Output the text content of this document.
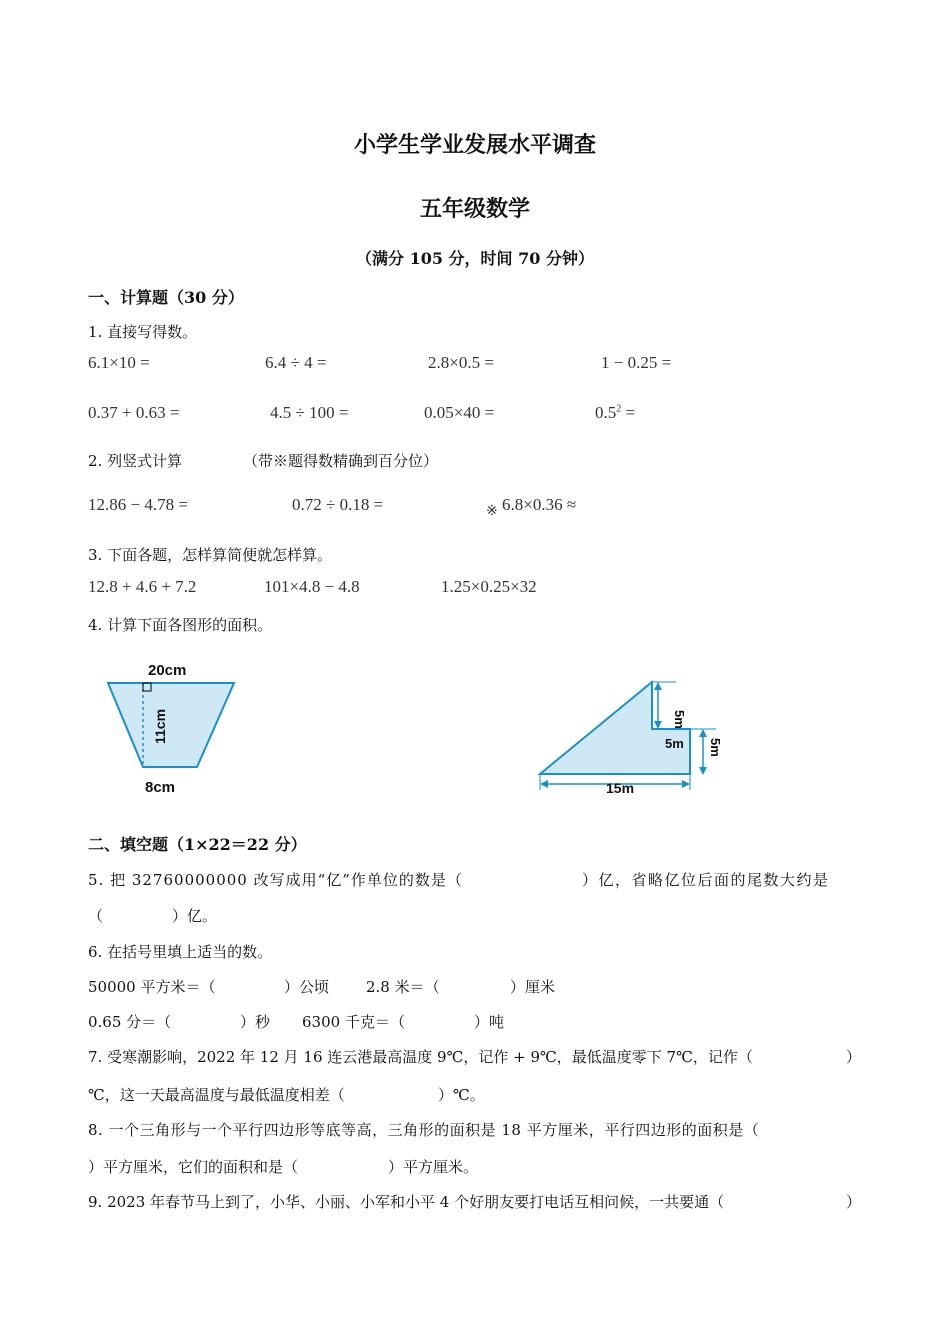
小学生学业发展水平调查
五年级数学
（满分 105 分，时间 70 分钟）
一、计算题（30 分）
1. 直接写得数。
6.1×10 =	6.4 ÷ 4 =	2.8×0.5 =	1 − 0.25 =
0.37 + 0.63 =	4.5 ÷ 100 =	0.05×40 =	$0.5^2$ =
2. 列竖式计算	（带※题得数精确到百分位）
12.86 − 4.78 =	0.72 ÷ 0.18 =	$_※$ 6.8×0.36 ≈
3. 下面各题，怎样算简便就怎样算。
12.8 + 4.6 + 7.2	101×4.8 − 4.8	1.25×0.25×32
4. 计算下面各图形的面积。
20cm
11cm
8cm
5m
5m 5m
15m
二、填空题（1×22＝22 分）
5. 把 32760000000 改写成用“亿”作单位的数是（	）亿，省略亿位后面的尾数大约是
（	）亿。
6. 在括号里填上适当的数。
50000 平方米＝（	）公顷 2.8 米＝（	）厘米
0.65 分＝（	）秒 6300 千克＝（	）吨
7. 受寒潮影响，2022 年 12 月 16 连云港最高温度 9℃，记作 + 9℃，最低温度零下 7℃，记作（	）
℃，这一天最高温度与最低温度相差（	）℃。
8. 一个三角形与一个平行四边形等底等高，三角形的面积是 18 平方厘米，平行四边形的面积是（
）平方厘米，它们的面积和是（	）平方厘米。
9. 2023 年春节马上到了，小华、小丽、小军和小平 4 个好朋友要打电话互相问候，一共要通（	）
